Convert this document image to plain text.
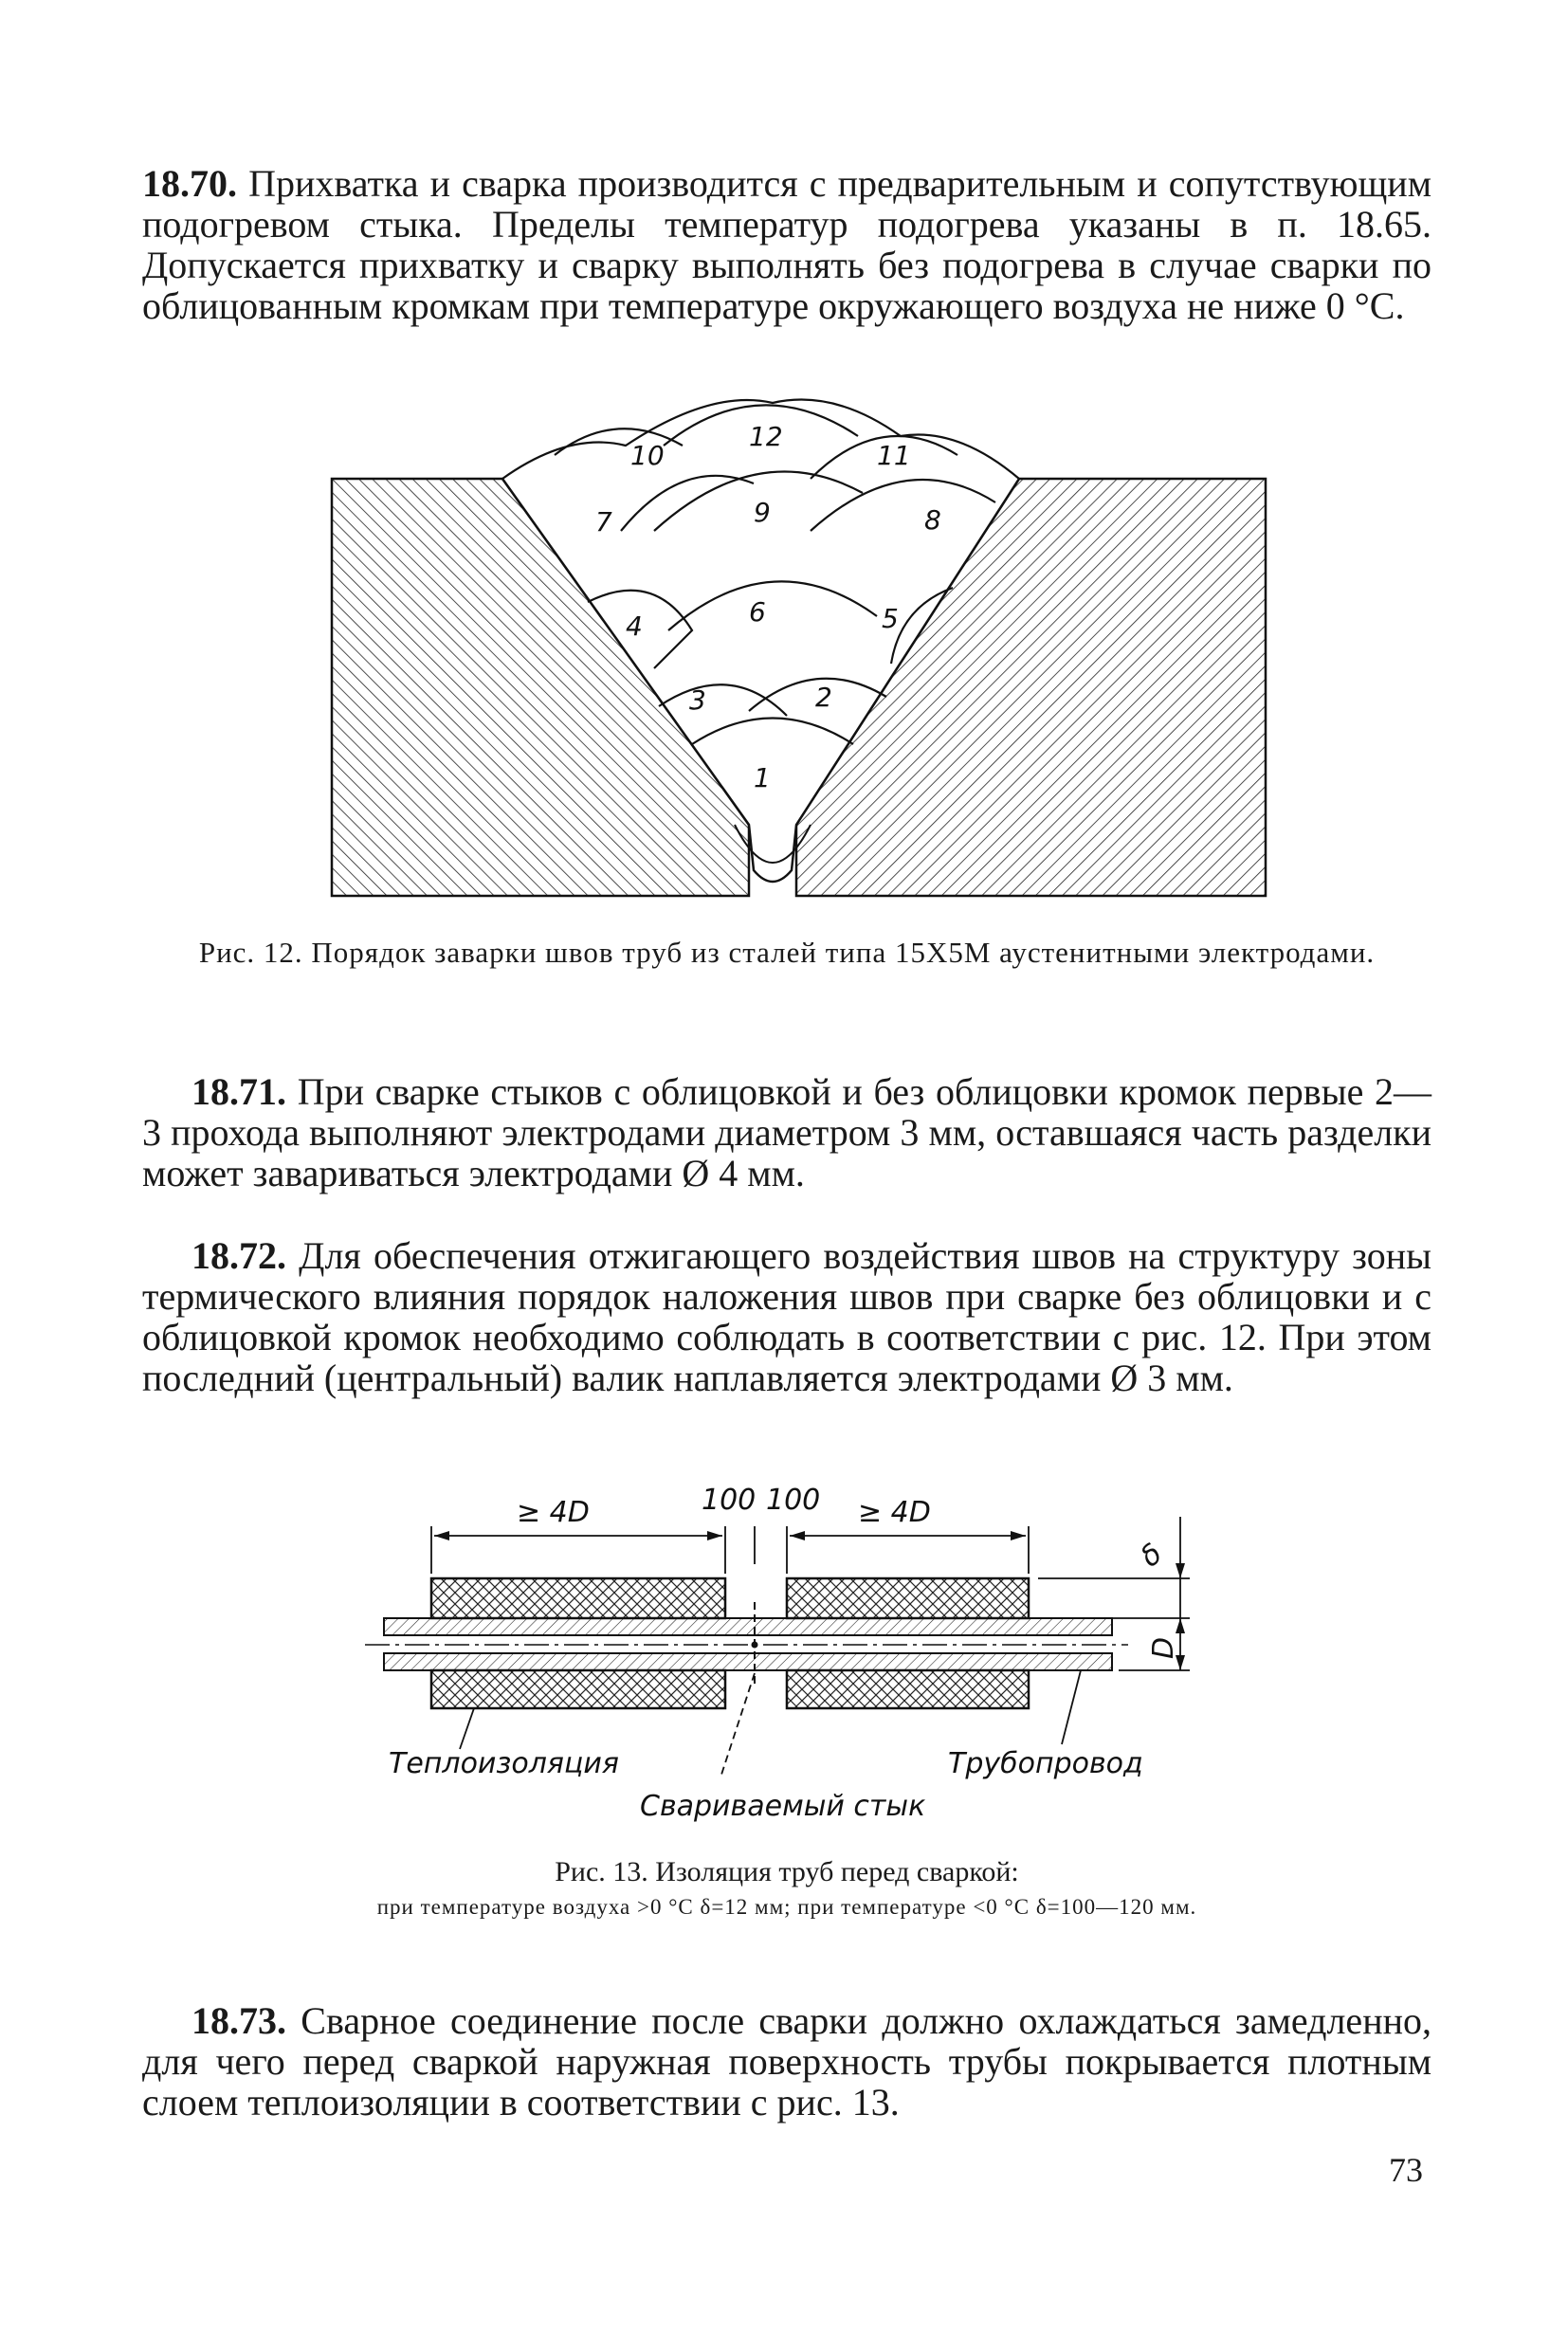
18.70. Прихватка и сварка производится с предварительным и сопутствующим подогревом стыка. Пределы температур подогрева указаны в п. 18.65. Допускается прихватку и сварку выполнять без подогрева в случае сварки по облицованным кромкам при температуре окружающего воздуха не ниже 0 °С.

1
2
3
4	5
6
7	8
9
10	11
12

Рис. 12. Порядок заварки швов труб из сталей типа 15Х5М аустенитными электродами.

18.71. При сварке стыков с облицовкой и без облицовки кромок первые 2—3 прохода выполняют электродами диаметром 3 мм, оставшаяся часть разделки может завариваться электродами Ø 4 мм.

18.72. Для обеспечения отжигающего воздействия швов на структуру зоны термического влияния порядок наложения швов при сварке без облицовки и с облицовкой кромок необходимо соблюдать в соответствии с рис. 12. При этом последний (центральный) валик наплавляется электродами Ø 3 мм.

≥ 4D	≥ 4D
100 100
δ
D
Теплоизоляция	Трубопровод
Свариваемый стык

Рис. 13. Изоляция труб перед сваркой:

при температуре воздуха >0 °С δ=12 мм; при температуре <0 °С δ=100—120 мм.

18.73. Сварное соединение после сварки должно охлаждаться замедленно, для чего перед сваркой наружная поверхность трубы покрывается плотным слоем теплоизоляции в соответствии с рис. 13.

73
